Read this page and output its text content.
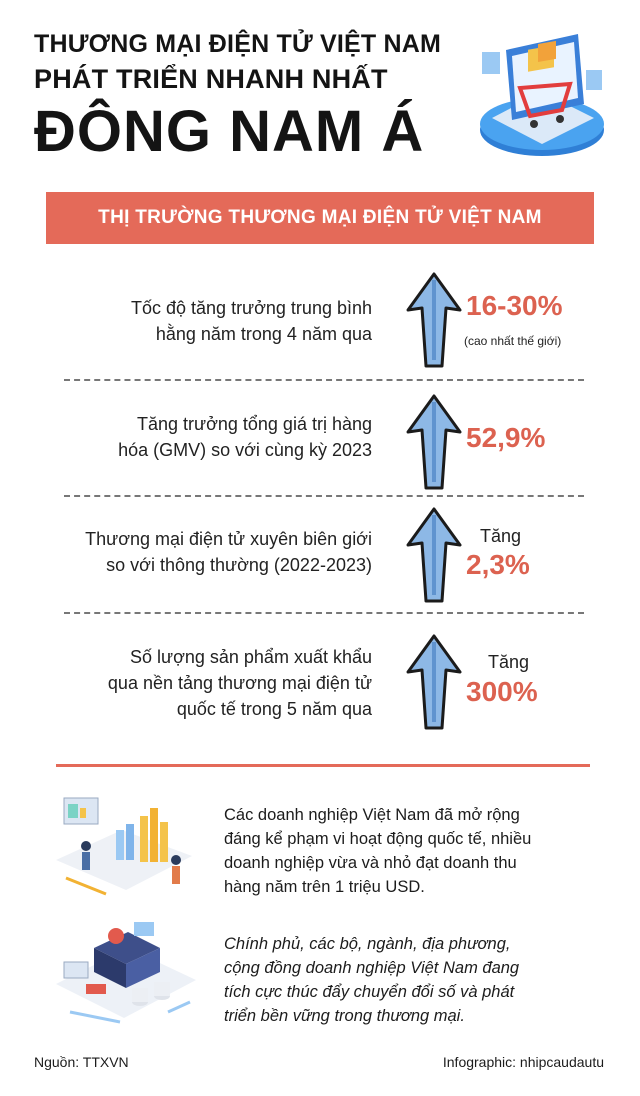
THƯƠNG MẠI ĐIỆN TỬ VIỆT NAM
PHÁT TRIỂN NHANH NHẤT
ĐÔNG NAM Á
THỊ TRƯỜNG THƯƠNG MẠI ĐIỆN TỬ VIỆT NAM
Tốc độ tăng trưởng trung bình
hằng năm trong 4 năm qua
16-30%
(cao nhất thế giới)
Tăng trưởng tổng giá trị hàng
hóa (GMV) so với cùng kỳ 2023	52,9%
Thương mại điện tử xuyên biên giới
so với thông thường (2022-2023)
Tăng
2,3%
Số lượng sản phẩm xuất khẩu
qua nền tảng thương mại điện tử
quốc tế trong 5 năm qua
Tăng
300%
Các doanh nghiệp Việt Nam đã mở rộng
đáng kể phạm vi hoạt động quốc tế, nhiều
doanh nghiệp vừa và nhỏ đạt doanh thu
hàng năm trên 1 triệu USD.
Chính phủ, các bộ, ngành, địa phương,
cộng đồng doanh nghiệp Việt Nam đang
tích cực thúc đẩy chuyển đổi số và phát
triển bền vững trong thương mại.
Nguồn: TTXVN	Infographic: nhipcaudautu
